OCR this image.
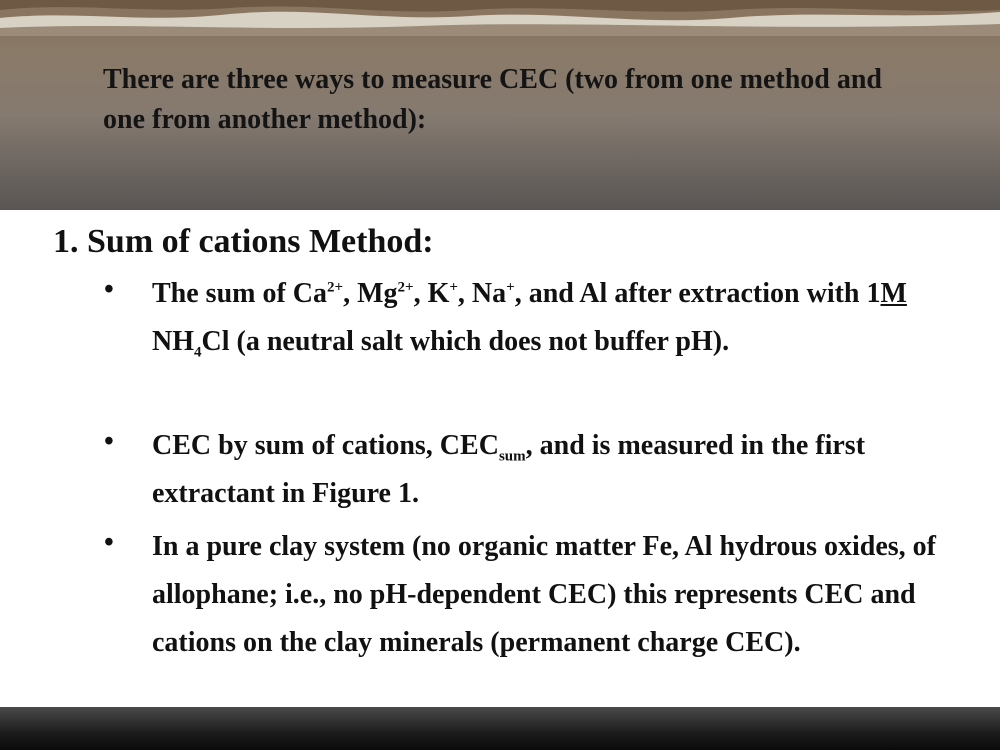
There are three ways to measure CEC (two from one method and one from another method):
1. Sum of cations Method:
• The sum of $Ca^{2+}$, $Mg^{2+}$, K+, Na+, and Al after extraction with 1M $NH_4Cl$ (a neutral salt which does not buffer pH).
• CEC by sum of cations, $CEC_{sum}$, and is measured in the first extractant in Figure 1.
• In a pure clay system (no organic matter Fe, Al hydrous oxides, of allophane; i.e., no pH-dependent CEC) this represents CEC and cations on the clay minerals (permanent charge CEC).
